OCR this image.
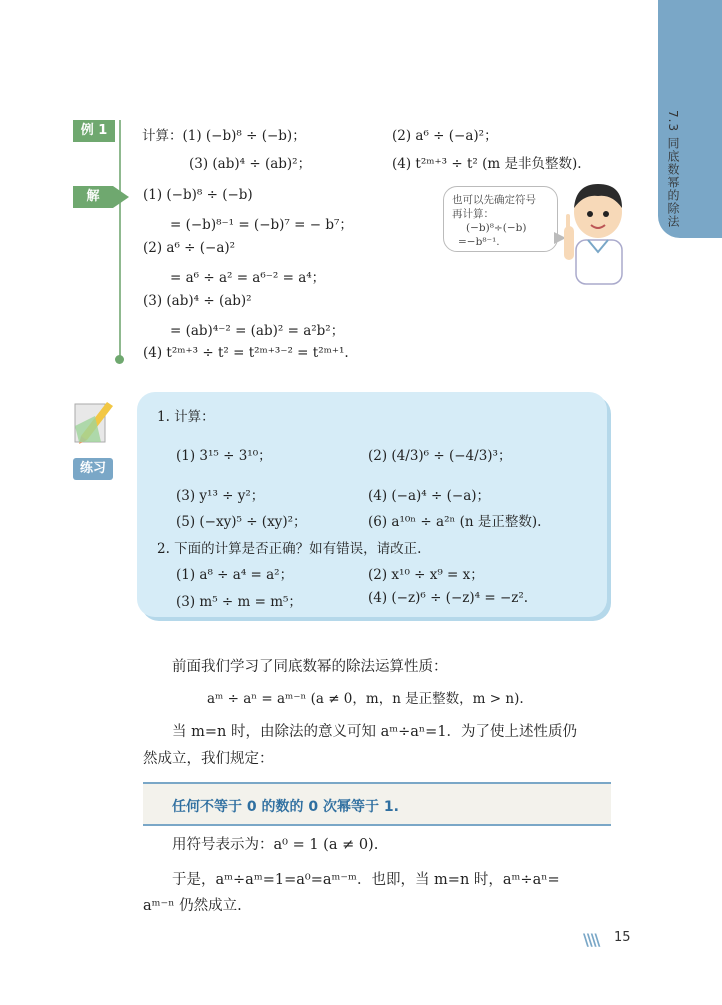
7.3 同底数幂的除法
例 1	计算：(1) (−b)⁸ ÷ (−b)；	(2) a⁶ ÷ (−a)²；
(3) (ab)⁴ ÷ (ab)²；	(4) t²ᵐ⁺³ ÷ t² (m 是非负整数).
解	(1) (−b)⁸ ÷ (−b)
= (−b)⁸⁻¹ = (−b)⁷ = − b⁷；
(2) a⁶ ÷ (−a)²
= a⁶ ÷ a² = a⁶⁻² = a⁴；
(3) (ab)⁴ ÷ (ab)²
= (ab)⁴⁻² = (ab)² = a²b²；
(4) t²ᵐ⁺³ ÷ t² = t²ᵐ⁺³⁻² = t²ᵐ⁺¹.
也可以先确定符号
再计算：
(−b)⁸÷(−b)
=−b⁸⁻¹.
练习
1. 计算：
(1) 3¹⁵ ÷ 3¹⁰；	(2) (4/3)⁶ ÷ (−4/3)³；
(3) y¹³ ÷ y²；	(4) (−a)⁴ ÷ (−a)；
(5) (−xy)⁵ ÷ (xy)²；	(6) a¹⁰ⁿ ÷ a²ⁿ (n 是正整数).
2. 下面的计算是否正确？如有错误，请改正.
(1) a⁸ ÷ a⁴ = a²；	(2) x¹⁰ ÷ x⁹ = x；
(3) m⁵ ÷ m = m⁵；	(4) (−z)⁶ ÷ (−z)⁴ = −z².
前面我们学习了同底数幂的除法运算性质：
aᵐ ÷ aⁿ = aᵐ⁻ⁿ (a ≠ 0，m，n 是正整数，m > n).
当 m=n 时，由除法的意义可知 aᵐ÷aⁿ=1．为了使上述性质仍
然成立，我们规定：
任何不等于 0 的数的 0 次幂等于 1.
用符号表示为：a⁰ = 1 (a ≠ 0).
于是，aᵐ÷aᵐ=1=a⁰=aᵐ⁻ᵐ．也即，当 m=n 时，aᵐ÷aⁿ=
aᵐ⁻ⁿ 仍然成立.
\\\\ 15
